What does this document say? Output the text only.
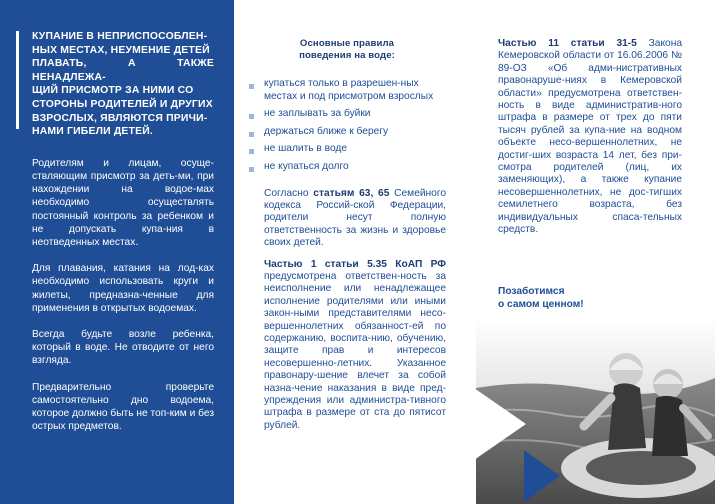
КУПАНИЕ В НЕПРИСПОСОБЛЕН-
НЫХ МЕСТАХ, НЕУМЕНИЕ ДЕТЕЙ
ПЛАВАТЬ, А ТАКЖЕ НЕНАДЛЕЖА-
ЩИЙ ПРИСМОТР ЗА НИМИ СО
СТОРОНЫ РОДИТЕЛЕЙ И ДРУГИХ
ВЗРОСЛЫХ, ЯВЛЯЮТСЯ ПРИЧИ-
НАМИ ГИБЕЛИ ДЕТЕЙ.

Родителям и лицам, осуще-ствляющим присмотр за деть-ми, при нахождении на водое-мах необходимо осуществлять постоянный контроль за ребенком и не допускать купа-ния в неотведенных местах.

Для плавания, катания на лод-ках необходимо использовать круги и жилеты, предназна-ченные для применения в открытых водоемах.

Всегда будьте возле ребенка, который в воде. Не отводите от него взгляда.

Предварительно проверьте самостоятельно дно водоема, которое должно быть не топ-ким и без острых предметов.

Основные правила
поведения на воде:
купаться только в разрешен-ных местах и под присмотром взрослых
не заплывать за буйки
держаться ближе к берегу
не шалить в воде
не купаться долго
Согласно статьям 63, 65 Семейного кодекса Россий-ской Федерации, родители несут полную ответственность за жизнь и здоровье своих детей.
Частью 1 статьи 5.35 КоАП РФ предусмотрена ответствен-ность за неисполнение или ненадлежащее исполнение родителями или иными закон-ными представителями несо-вершеннолетних обязанност-ей по содержанию, воспита-нию, обучению, защите прав и интересов несовершенно-летних. Указанное правонару-шение влечет за собой назна-чение наказания в виде пред-упреждения или администра-тивного штрафа в размере от ста до пятисот рублей.
Частью 11 статьи 31-5 Закона Кемеровской области от 16.06.2006 № 89-ОЗ «Об адми-нистративных правонаруше-ниях в Кемеровской области» предусмотрена ответствен-ность в виде административ-ного штрафа в размере от трех до пяти тысяч рублей за купа-ние на водном объекте несо-вершеннолетних, не достиг-ших возраста 14 лет, без при-смотра родителей (лиц, их заменяющих), а также купание несовершеннолетних, не дос-тигших семилетнего возраста, без индивидуальных спаса-тельных средств.
Позаботимся
о самом ценном!
